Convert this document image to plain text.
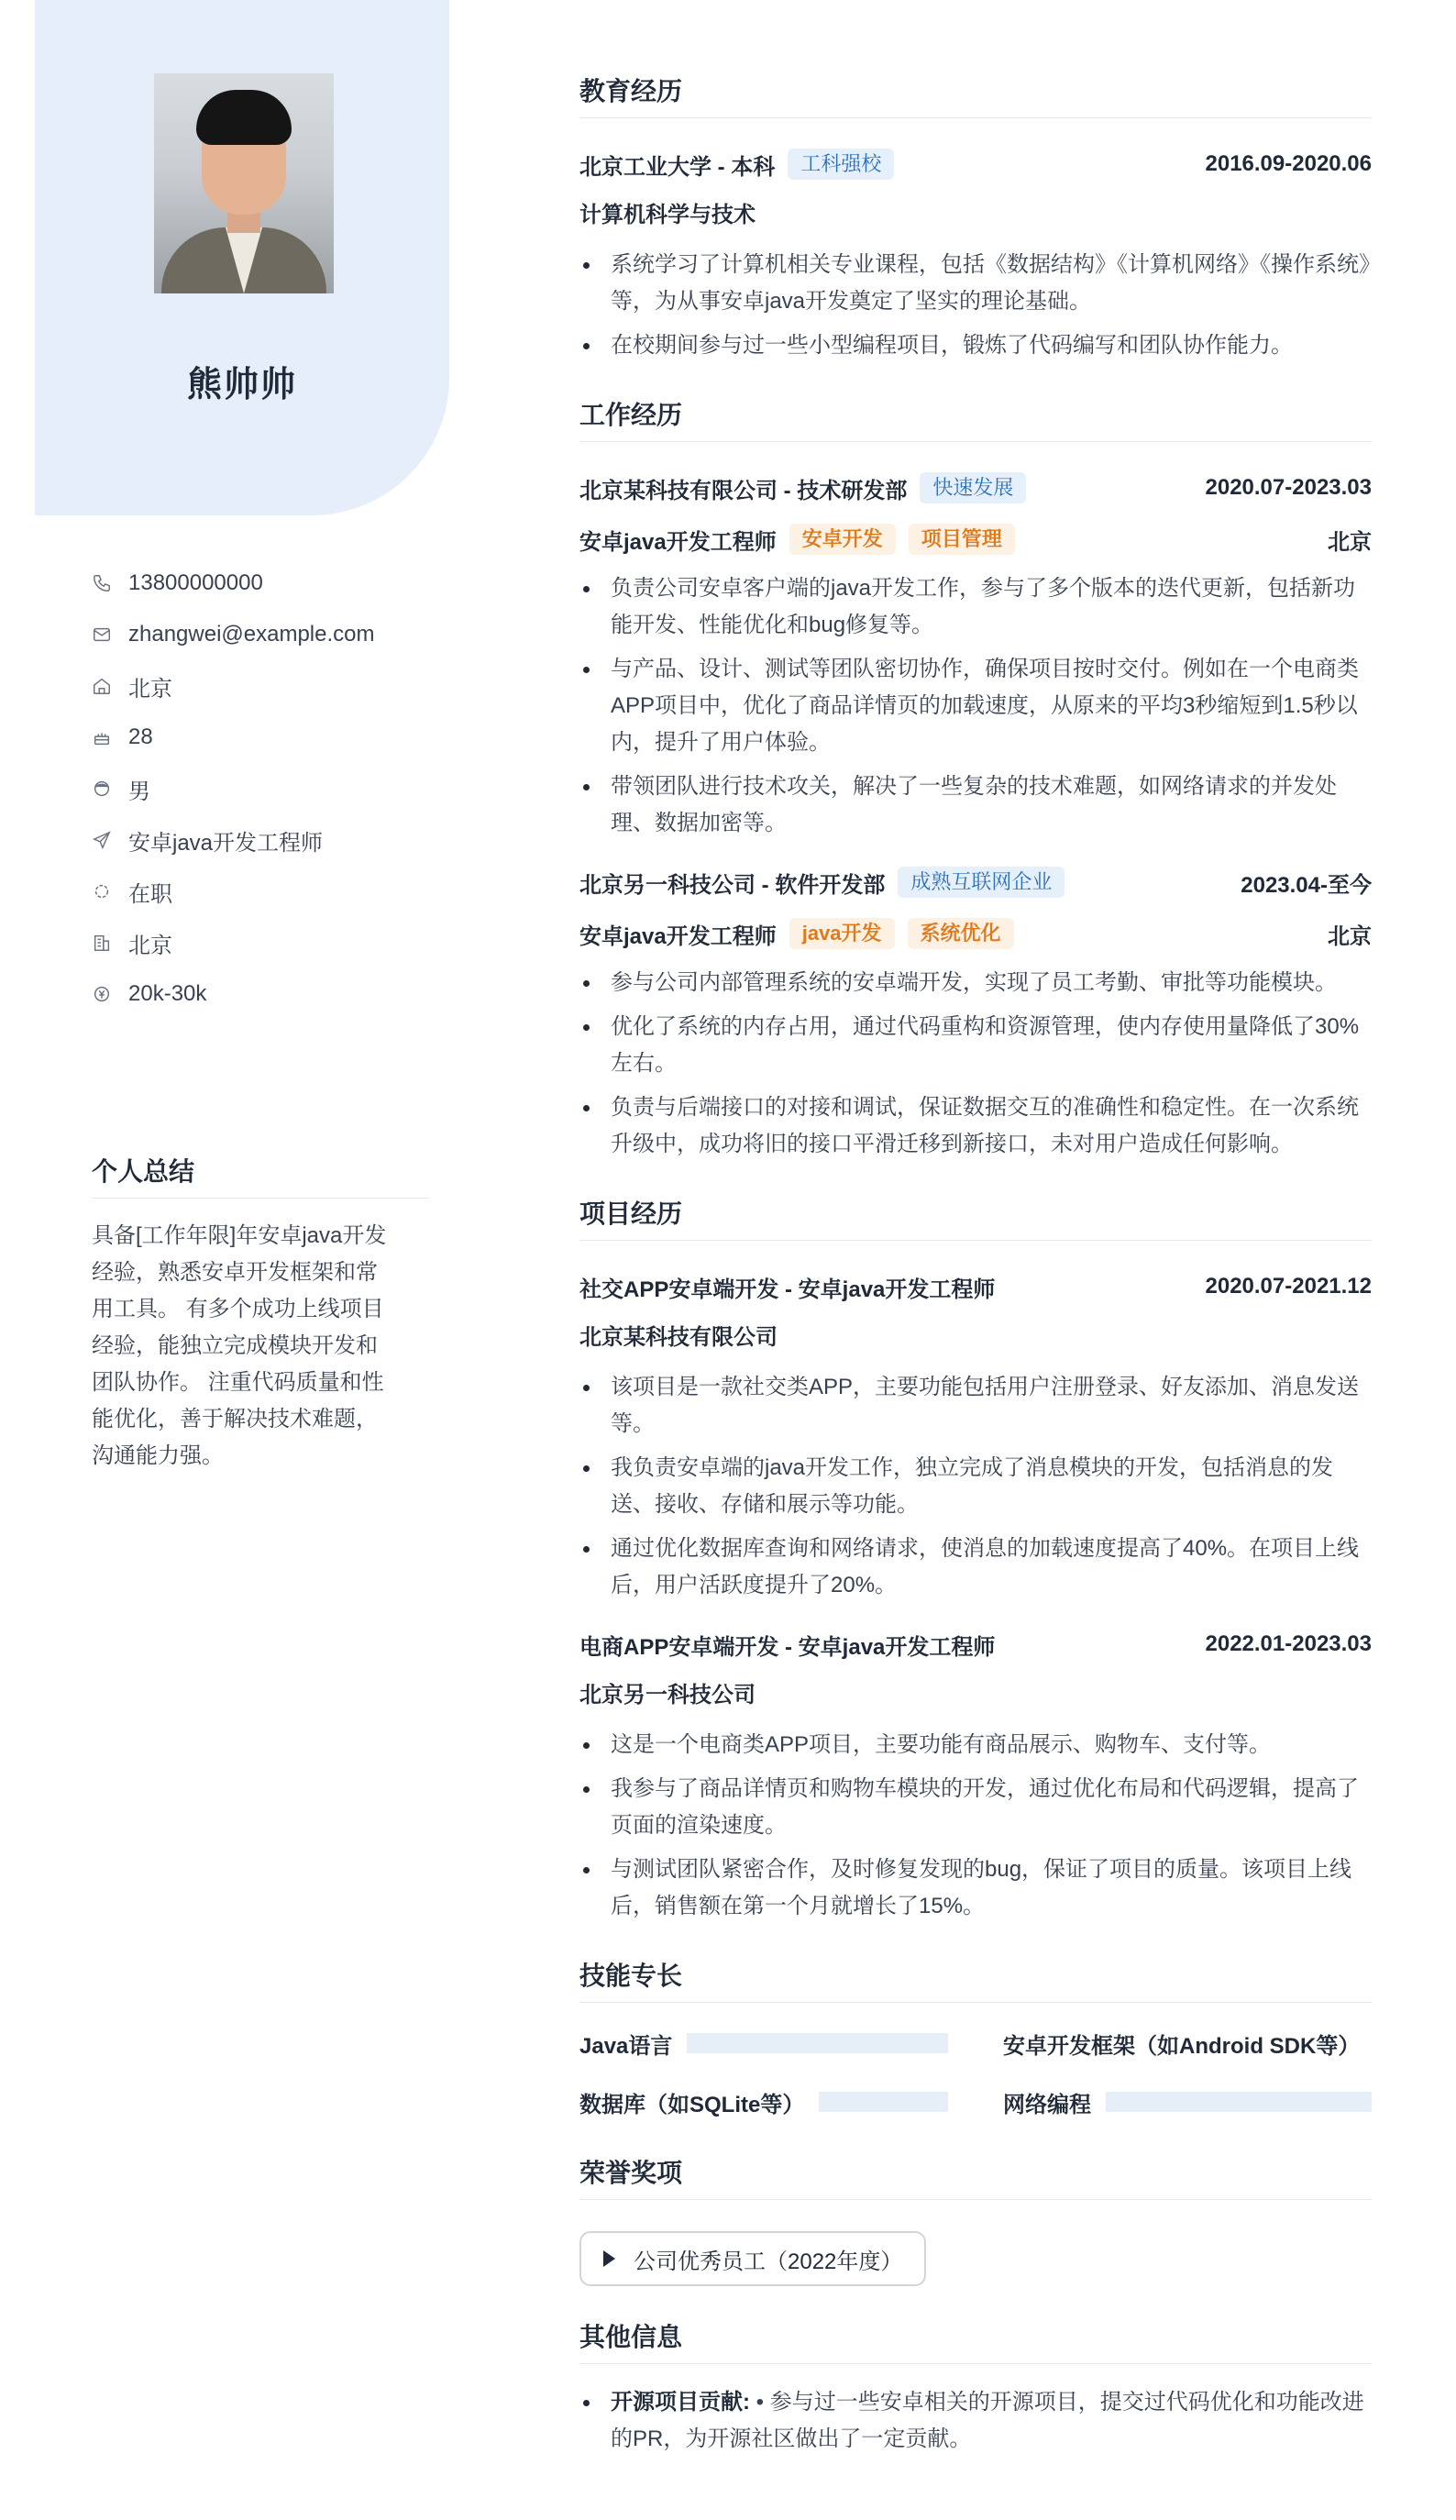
熊帅帅
13800000000
zhangwei@example.com
北京
28
男
安卓java开发工程师
在职
北京
20k-30k
个人总结
具备[工作年限]年安卓java开发经验，熟悉安卓开发框架和常用工具。 有多个成功上线项目经验，能独立完成模块开发和团队协作。 注重代码质量和性能优化，善于解决技术难题，沟通能力强。
教育经历
北京工业大学 - 本科	工科强校	2016.09-2020.06
计算机科学与技术
系统学习了计算机相关专业课程，包括《数据结构》《计算机网络》《操作系统》等，为从事安卓java开发奠定了坚实的理论基础。
在校期间参与过一些小型编程项目，锻炼了代码编写和团队协作能力。
工作经历
北京某科技有限公司 - 技术研发部	快速发展	2020.07-2023.03
安卓java开发工程师	安卓开发	项目管理	北京
负责公司安卓客户端的java开发工作，参与了多个版本的迭代更新，包括新功能开发、性能优化和bug修复等。
与产品、设计、测试等团队密切协作，确保项目按时交付。例如在一个电商类APP项目中，优化了商品详情页的加载速度，从原来的平均3秒缩短到1.5秒以内，提升了用户体验。
带领团队进行技术攻关，解决了一些复杂的技术难题，如网络请求的并发处理、数据加密等。
北京另一科技公司 - 软件开发部	成熟互联网企业	2023.04-至今
安卓java开发工程师	java开发	系统优化	北京
参与公司内部管理系统的安卓端开发，实现了员工考勤、审批等功能模块。
优化了系统的内存占用，通过代码重构和资源管理，使内存使用量降低了30%左右。
负责与后端接口的对接和调试，保证数据交互的准确性和稳定性。在一次系统升级中，成功将旧的接口平滑迁移到新接口，未对用户造成任何影响。
项目经历
社交APP安卓端开发 - 安卓java开发工程师	2020.07-2021.12
北京某科技有限公司
该项目是一款社交类APP，主要功能包括用户注册登录、好友添加、消息发送等。
我负责安卓端的java开发工作，独立完成了消息模块的开发，包括消息的发送、接收、存储和展示等功能。
通过优化数据库查询和网络请求，使消息的加载速度提高了40%。在项目上线后，用户活跃度提升了20%。
电商APP安卓端开发 - 安卓java开发工程师	2022.01-2023.03
北京另一科技公司
这是一个电商类APP项目，主要功能有商品展示、购物车、支付等。
我参与了商品详情页和购物车模块的开发，通过优化布局和代码逻辑，提高了页面的渲染速度。
与测试团队紧密合作，及时修复发现的bug，保证了项目的质量。该项目上线后，销售额在第一个月就增长了15%。
技能专长
Java语言	安卓开发框架（如Android SDK等）
数据库（如SQLite等）	网络编程
荣誉奖项
公司优秀员工（2022年度）
其他信息
开源项目贡献: • 参与过一些安卓相关的开源项目，提交过代码优化和功能改进的PR，为开源社区做出了一定贡献。
